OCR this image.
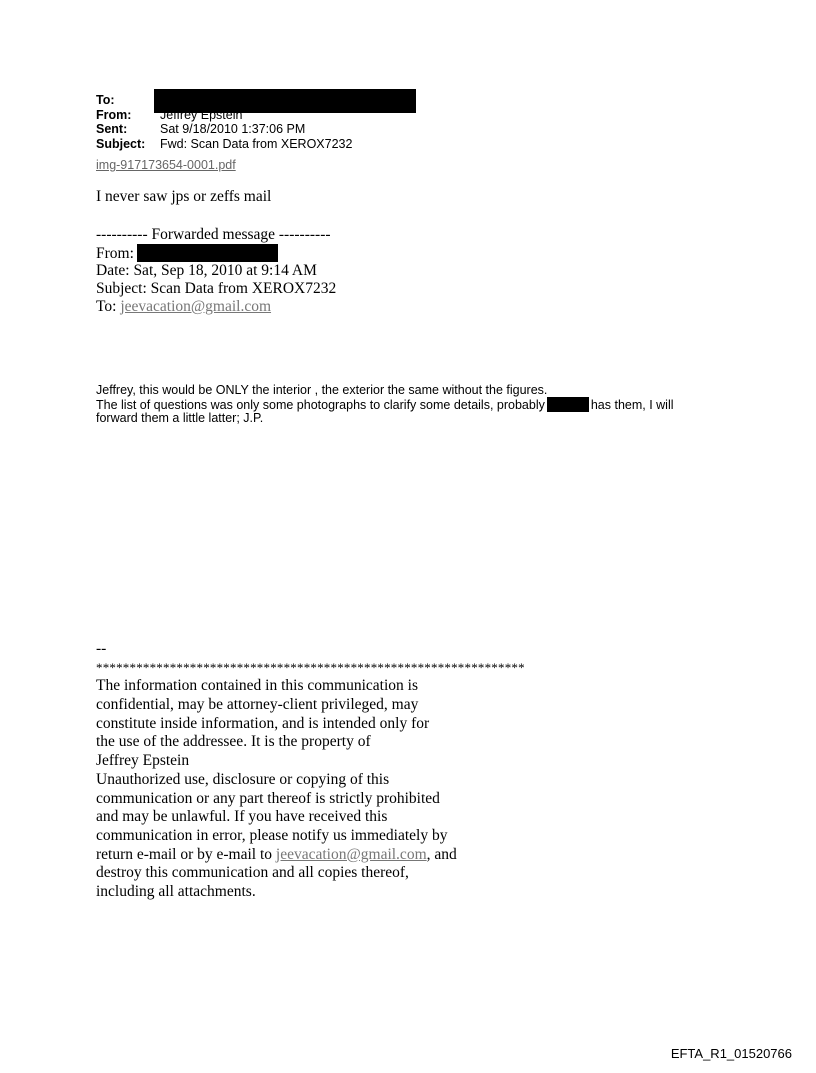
To:
From:	Jeffrey Epstein
Sent:	Sat 9/18/2010 1:37:06 PM
Subject:	Fwd: Scan Data from XEROX7232
img-917173654-0001.pdf
I never saw jps or zeffs mail
---------- Forwarded message ----------
From:
Date: Sat, Sep 18, 2010 at 9:14 AM
Subject: Scan Data from XEROX7232
To: jeevacation@gmail.com
Jeffrey, this would be ONLY the interior , the exterior the same without the figures.
The list of questions was only some photographs to clarify some details, probably	has them, I will
forward them a little latter; J.P.
--
****************************************************************
The information contained in this communication is
confidential, may be attorney-client privileged, may
constitute inside information, and is intended only for
the use of the addressee. It is the property of
Jeffrey Epstein
Unauthorized use, disclosure or copying of this
communication or any part thereof is strictly prohibited
and may be unlawful. If you have received this
communication in error, please notify us immediately by
return e-mail or by e-mail to jeevacation@gmail.com, and
destroy this communication and all copies thereof,
including all attachments.
EFTA_R1_01520766
